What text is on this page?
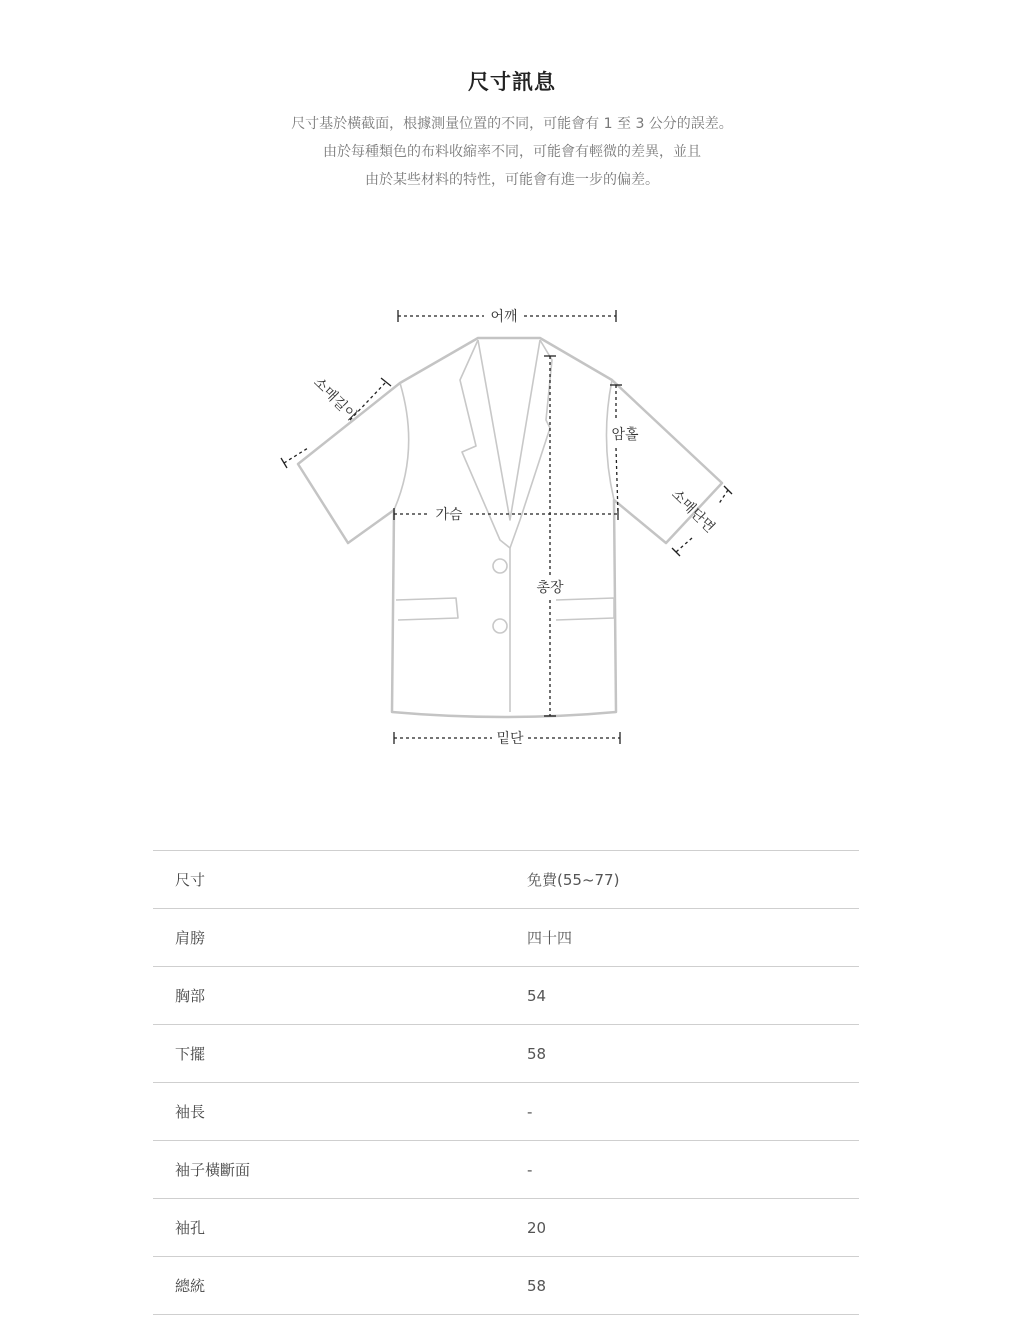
尺寸訊息
尺寸基於橫截面，根據測量位置的不同，可能會有 1 至 3 公分的誤差。
由於每種類色的布料收縮率不同，可能會有輕微的差異，並且
由於某些材料的特性，可能會有進一步的偏差。
어깨
총장
가슴
밑단
암홀
소매길이
소매단면
尺寸	免費(55~77)
肩膀	四十四
胸部	54
下擺	58
袖長	-
袖子橫斷面	-
袖孔	20
總統	58
